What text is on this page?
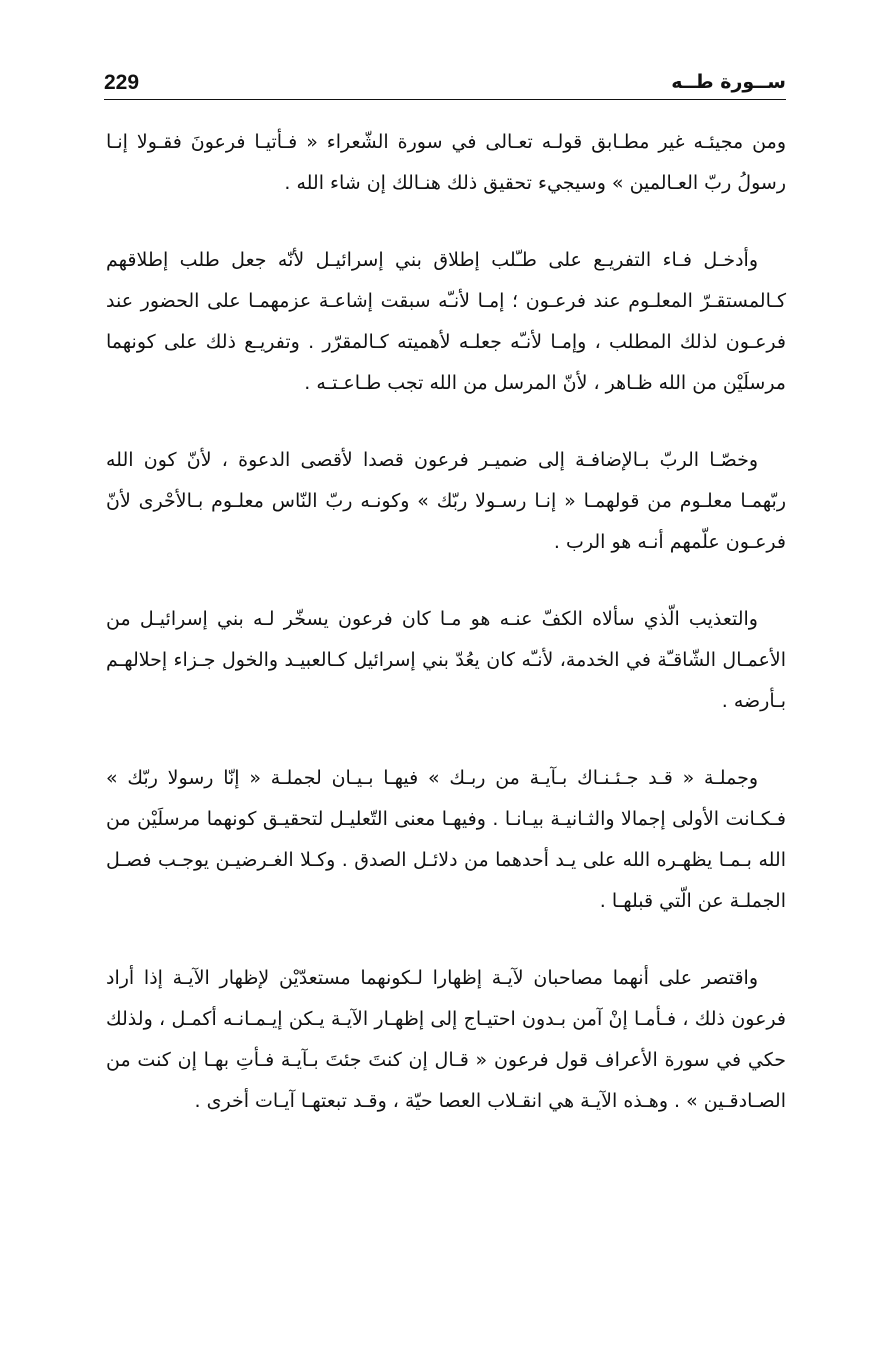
229	ســورة طــه

ومن مجيئـه غير مطـابق قولـه تعـالى في سورة الشّعراء « فـأتيـا فرعونَ فقـولا إنـا رسولُ ربّ العـالمين » وسيجيء تحقيق ذلك هنـالك إن شاء الله .

وأدخـل فـاء التفريـع على طـّلب إطلاق بني إسرائيـل لأنّه جعل طلب إطلاقهم كـالمستقـرّ المعلـوم عند فرعـون ؛ إمـا لأنـّه سبقت إشاعـة عزمهمـا على الحضور عند فرعـون لذلك المطلب ، وإمـا لأنـّه جعلـه لأهميته كـالمقرّر . وتفريـع ذلك على كونهما مرسلَيْن من الله ظـاهر ، لأنّ المرسل من الله تجب طـاعـتـه .

وخصّـا الربّ بـالإضافـة إلى ضميـر فرعون قصدا لأقصى الدعوة ، لأنّ كون الله ربّهمـا معلـوم من قولهمـا « إنـا رسـولا ربّك » وكونـه ربّ النّاس معلـوم بـالأحْرى لأنّ فرعـون علّمهم أنـه هو الرب .

والتعذيب الّذي سألاه الكفّ عنـه هو مـا كان فرعون يسخّر لـه بني إسرائيـل من الأعمـال الشّاقـّة في الخدمة، لأنـّه كان يعُدّ بني إسرائيل كـالعبيـد والخول جـزاء إحلالهـم بـأرضه .

وجملـة « قـد جـئـنـاك بـآيـة من ربـك » فيهـا بـيـان لجملـة « إنّا رسولا ربّك » فـكـانت الأولى إجمالا والثـانيـة بيـانـا . وفيهـا معنى التّعليـل لتحقيـق كونهما مرسلَيْن من الله بـمـا يظهـره الله على يـد أحدهما من دلائـل الصدق . وكـلا الغـرضيـن يوجـب فصـل الجملـة عن الّتي قبلهـا .

واقتصر على أنهما مصاحبان لآيـة إظهارا لـكونهما مستعدّيْن لإظهار الآيـة إذا أراد فرعون ذلك ، فـأمـا إنْ آمن بـدون احتيـاج إلى إظهـار الآيـة يـكن إيـمـانـه أكمـل ، ولذلك حكي في سورة الأعراف قول فرعون « قـال إن كنتَ جئتَ بـآيـة فـأتِ بهـا إن كنت من الصـادقـين » . وهـذه الآيـة هي انقـلاب العصا حيّة ، وقـد تبعتهـا آيـات أخرى .
